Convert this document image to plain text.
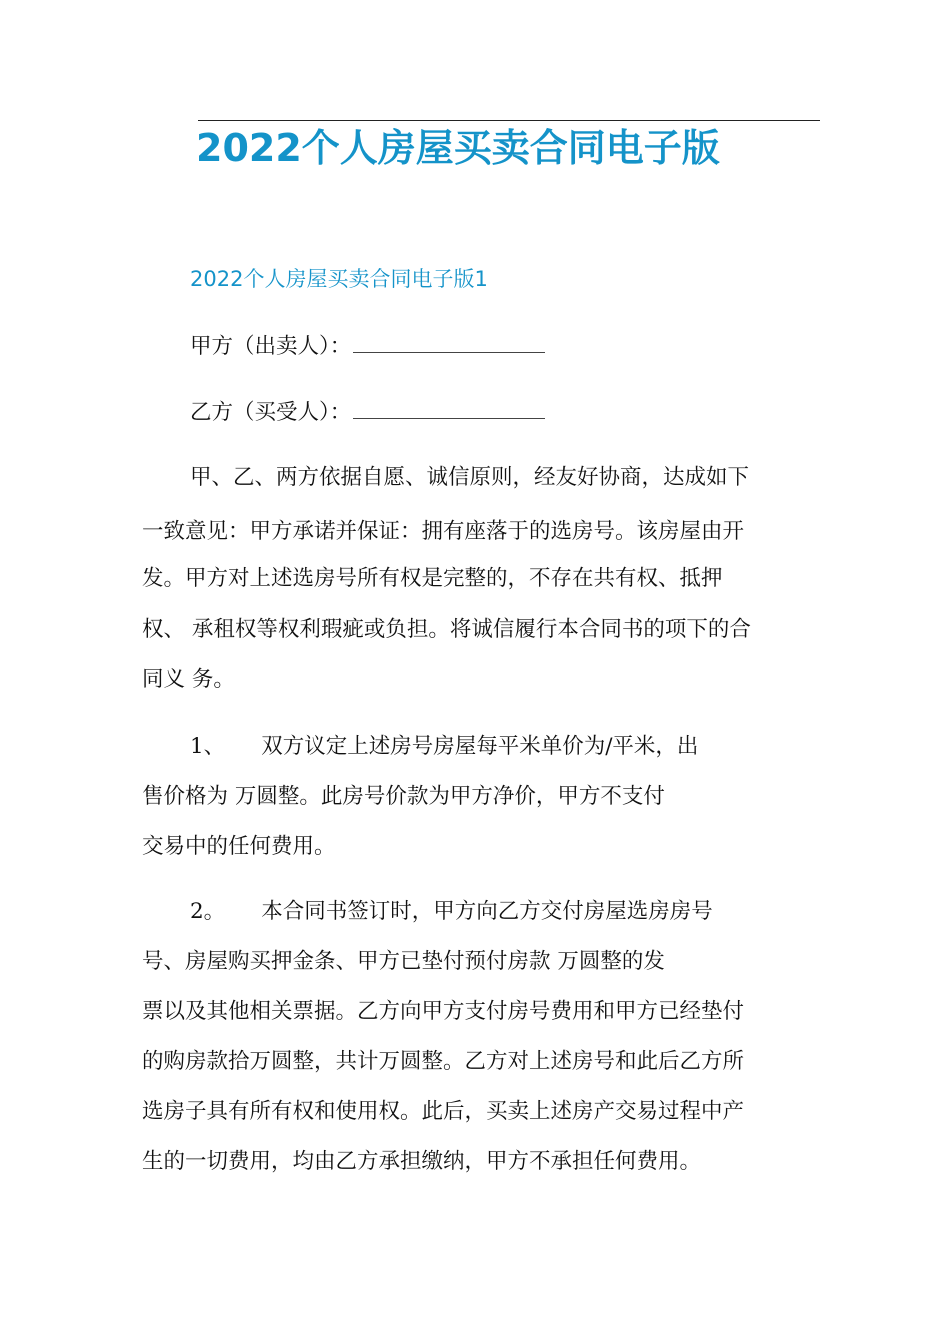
2022个人房屋买卖合同电子版
2022个人房屋买卖合同电子版1

甲方（出卖人）：

乙方（买受人）：

甲、乙、两方依据自愿、诚信原则，经友好协商，达成如下

一致意见：甲方承诺并保证：拥有座落于的选房号。该房屋由开

发。甲方对上述选房号所有权是完整的，不存在共有权、抵押

权、 承租权等权利瑕疵或负担。将诚信履行本合同书的项下的合

同义 务。

1、 双方议定上述房号房屋每平米单价为/平米，出

售价格为 万圆整。此房号价款为甲方净价，甲方不支付

交易中的任何费用。

2。 本合同书签订时，甲方向乙方交付房屋选房房号

号、房屋购买押金条、甲方已垫付预付房款 万圆整的发

票以及其他相关票据。乙方向甲方支付房号费用和甲方已经垫付

的购房款拾万圆整，共计万圆整。乙方对上述房号和此后乙方所

选房子具有所有权和使用权。此后，买卖上述房产交易过程中产

生的一切费用，均由乙方承担缴纳，甲方不承担任何费用。
